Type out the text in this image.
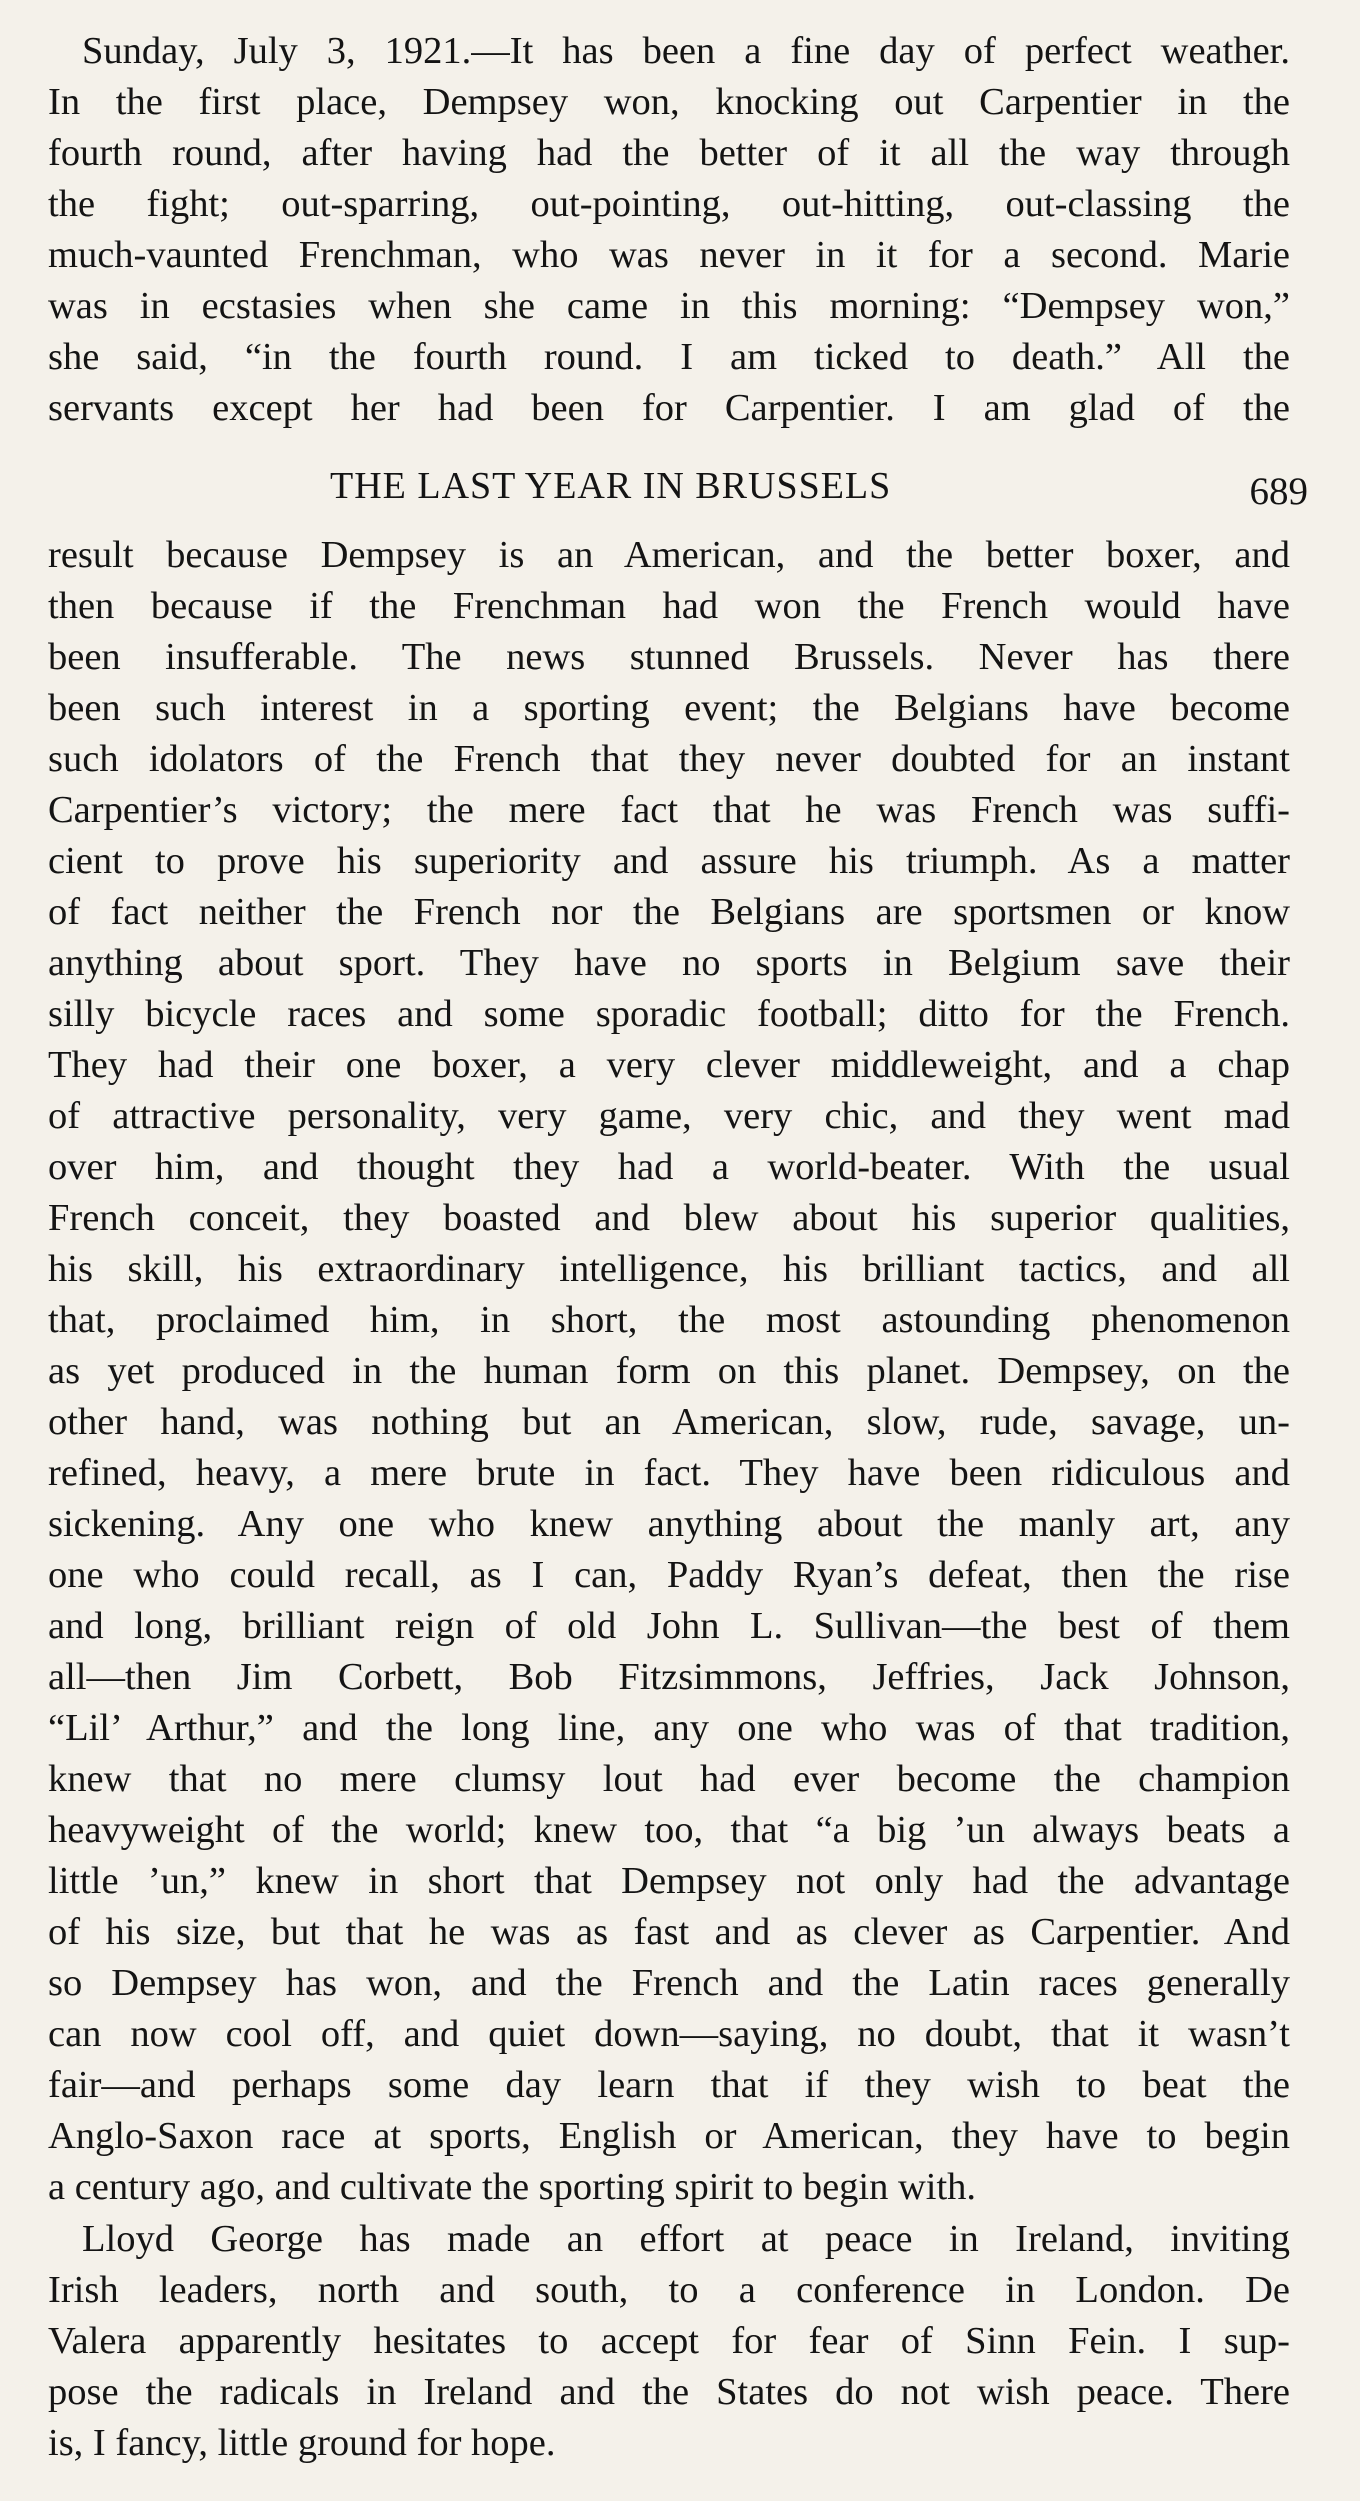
Sunday, July 3, 1921.—It has been a fine day of perfect weather.
In the first place, Dempsey won, knocking out Carpentier in the
fourth round, after having had the better of it all the way through
the fight; out-sparring, out-pointing, out-hitting, out-classing the
much-vaunted Frenchman, who was never in it for a second. Marie
was in ecstasies when she came in this morning: “Dempsey won,”
she said, “in the fourth round. I am ticked to death.” All the
servants except her had been for Carpentier. I am glad of the
THE LAST YEAR IN BRUSSELS	689
result because Dempsey is an American, and the better boxer, and
then because if the Frenchman had won the French would have
been insufferable. The news stunned Brussels. Never has there
been such interest in a sporting event; the Belgians have become
such idolators of the French that they never doubted for an instant
Carpentier’s victory; the mere fact that he was French was suffi-
cient to prove his superiority and assure his triumph. As a matter
of fact neither the French nor the Belgians are sportsmen or know
anything about sport. They have no sports in Belgium save their
silly bicycle races and some sporadic football; ditto for the French.
They had their one boxer, a very clever middleweight, and a chap
of attractive personality, very game, very chic, and they went mad
over him, and thought they had a world-beater. With the usual
French conceit, they boasted and blew about his superior qualities,
his skill, his extraordinary intelligence, his brilliant tactics, and all
that, proclaimed him, in short, the most astounding phenomenon
as yet produced in the human form on this planet. Dempsey, on the
other hand, was nothing but an American, slow, rude, savage, un-
refined, heavy, a mere brute in fact. They have been ridiculous and
sickening. Any one who knew anything about the manly art, any
one who could recall, as I can, Paddy Ryan’s defeat, then the rise
and long, brilliant reign of old John L. Sullivan—the best of them
all—then Jim Corbett, Bob Fitzsimmons, Jeffries, Jack Johnson,
“Lil’ Arthur,” and the long line, any one who was of that tradition,
knew that no mere clumsy lout had ever become the champion
heavyweight of the world; knew too, that “a big ’un always beats a
little ’un,” knew in short that Dempsey not only had the advantage
of his size, but that he was as fast and as clever as Carpentier. And
so Dempsey has won, and the French and the Latin races generally
can now cool off, and quiet down—saying, no doubt, that it wasn’t
fair—and perhaps some day learn that if they wish to beat the
Anglo-Saxon race at sports, English or American, they have to begin
a century ago, and cultivate the sporting spirit to begin with.
Lloyd George has made an effort at peace in Ireland, inviting
Irish leaders, north and south, to a conference in London. De
Valera apparently hesitates to accept for fear of Sinn Fein. I sup-
pose the radicals in Ireland and the States do not wish peace. There
is, I fancy, little ground for hope.
